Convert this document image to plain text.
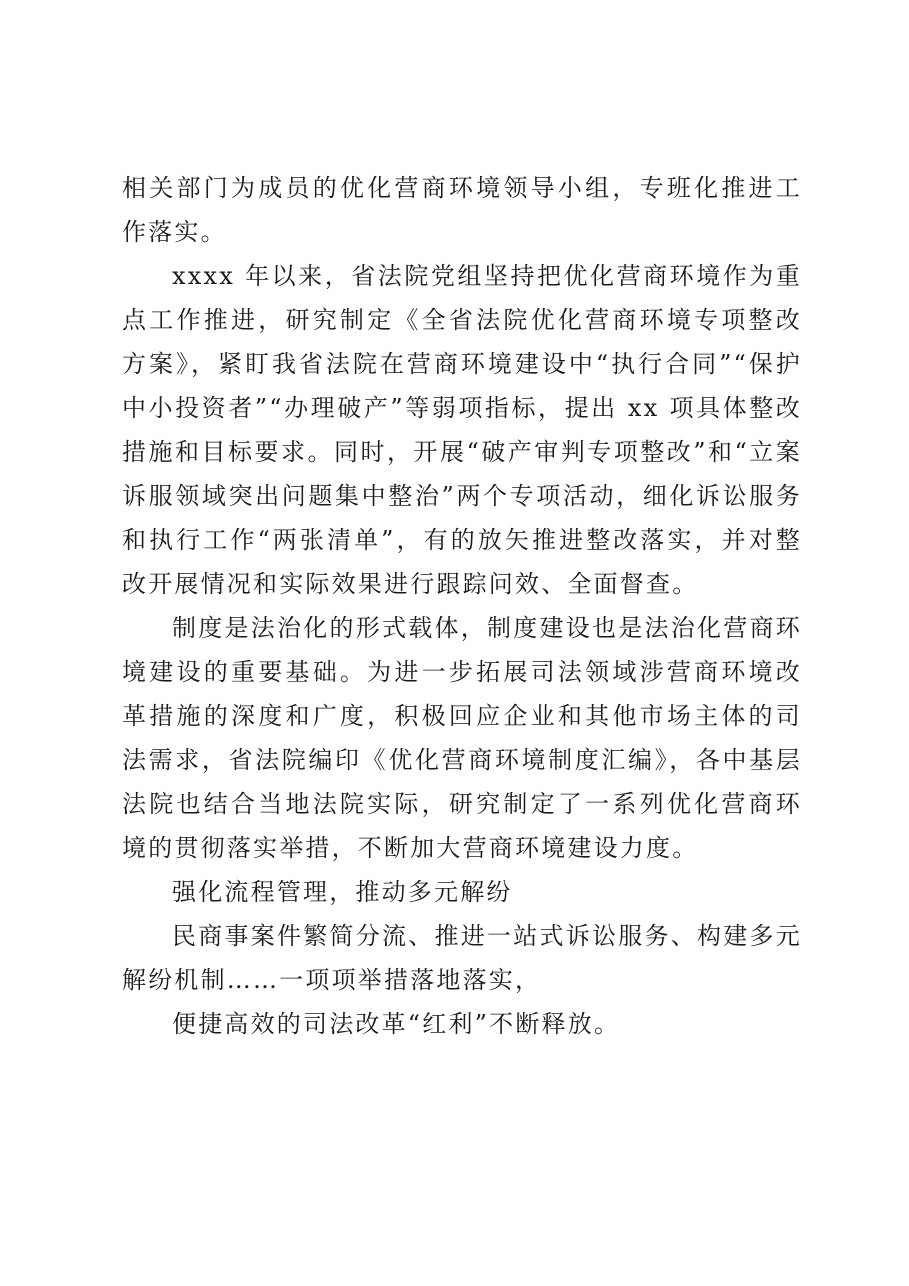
相关部门为成员的优化营商环境领导小组，专班化推进工作落实。

xxxx 年以来，省法院党组坚持把优化营商环境作为重点工作推进，研究制定《全省法院优化营商环境专项整改方案》，紧盯我省法院在营商环境建设中“执行合同”“保护中小投资者”“办理破产”等弱项指标，提出 xx 项具体整改措施和目标要求。同时，开展“破产审判专项整改”和“立案诉服领域突出问题集中整治”两个专项活动，细化诉讼服务和执行工作“两张清单”，有的放矢推进整改落实，并对整改开展情况和实际效果进行跟踪问效、全面督查。

制度是法治化的形式载体，制度建设也是法治化营商环境建设的重要基础。为进一步拓展司法领域涉营商环境改革措施的深度和广度，积极回应企业和其他市场主体的司法需求，省法院编印《优化营商环境制度汇编》，各中基层法院也结合当地法院实际，研究制定了一系列优化营商环境的贯彻落实举措，不断加大营商环境建设力度。

强化流程管理，推动多元解纷

民商事案件繁简分流、推进一站式诉讼服务、构建多元解纷机制……一项项举措落地落实，

便捷高效的司法改革“红利”不断释放。
